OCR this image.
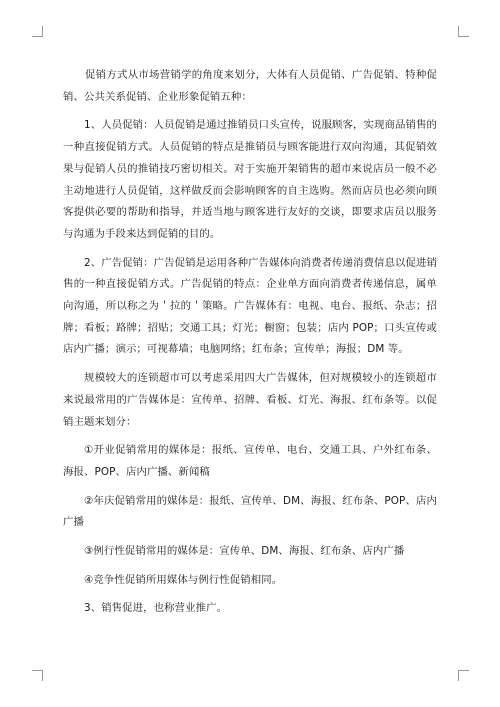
促销方式从市场营销学的角度来划分，大体有人员促销、广告促销、特种促销、公共关系促销、企业形象促销五种：

1、人员促销：人员促销是通过推销员口头宣传，说服顾客，实现商品销售的一种直接促销方式。人员促销的特点是推销员与顾客能进行双向沟通，其促销效果与促销人员的推销技巧密切相关。对于实施开架销售的超市来说店员一般不必主动地进行人员促销，这样做反而会影响顾客的自主选购。然而店员也必须向顾客提供必要的帮助和指导，并适当地与顾客进行友好的交谈，即要求店员以服务与沟通为手段来达到促销的目的。

2、广告促销：广告促销是运用各种广告媒体向消费者传递消费信息以促进销售的一种直接促销方式。广告促销的特点：企业单方面向消费者传递信息，属单向沟通，所以称之为＇拉的＇策略。广告媒体有：电视、电台、报纸、杂志；招牌；看板；路牌；招贴；交通工具；灯光；橱窗；包装；店内 POP；口头宣传或店内广播；演示；可视幕墙；电脑网络；红布条；宣传单；海报；DM 等。

规模较大的连锁超市可以考虑采用四大广告媒体，但对规模较小的连锁超市来说最常用的广告媒体是：宣传单、招牌、看板、灯光、海报、红布条等。以促销主题来划分：

①开业促销常用的媒体是：报纸、宣传单、电台、交通工具、户外红布条、海报、POP、店内广播、新闻稿

②年庆促销常用的媒体是：报纸、宣传单、DM、海报、红布条、POP、店内广播

③例行性促销常用的媒体是：宣传单、DM、海报、红布条、店内广播

④竞争性促销所用媒体与例行性促销相同。

3、销售促进，也称营业推广。
